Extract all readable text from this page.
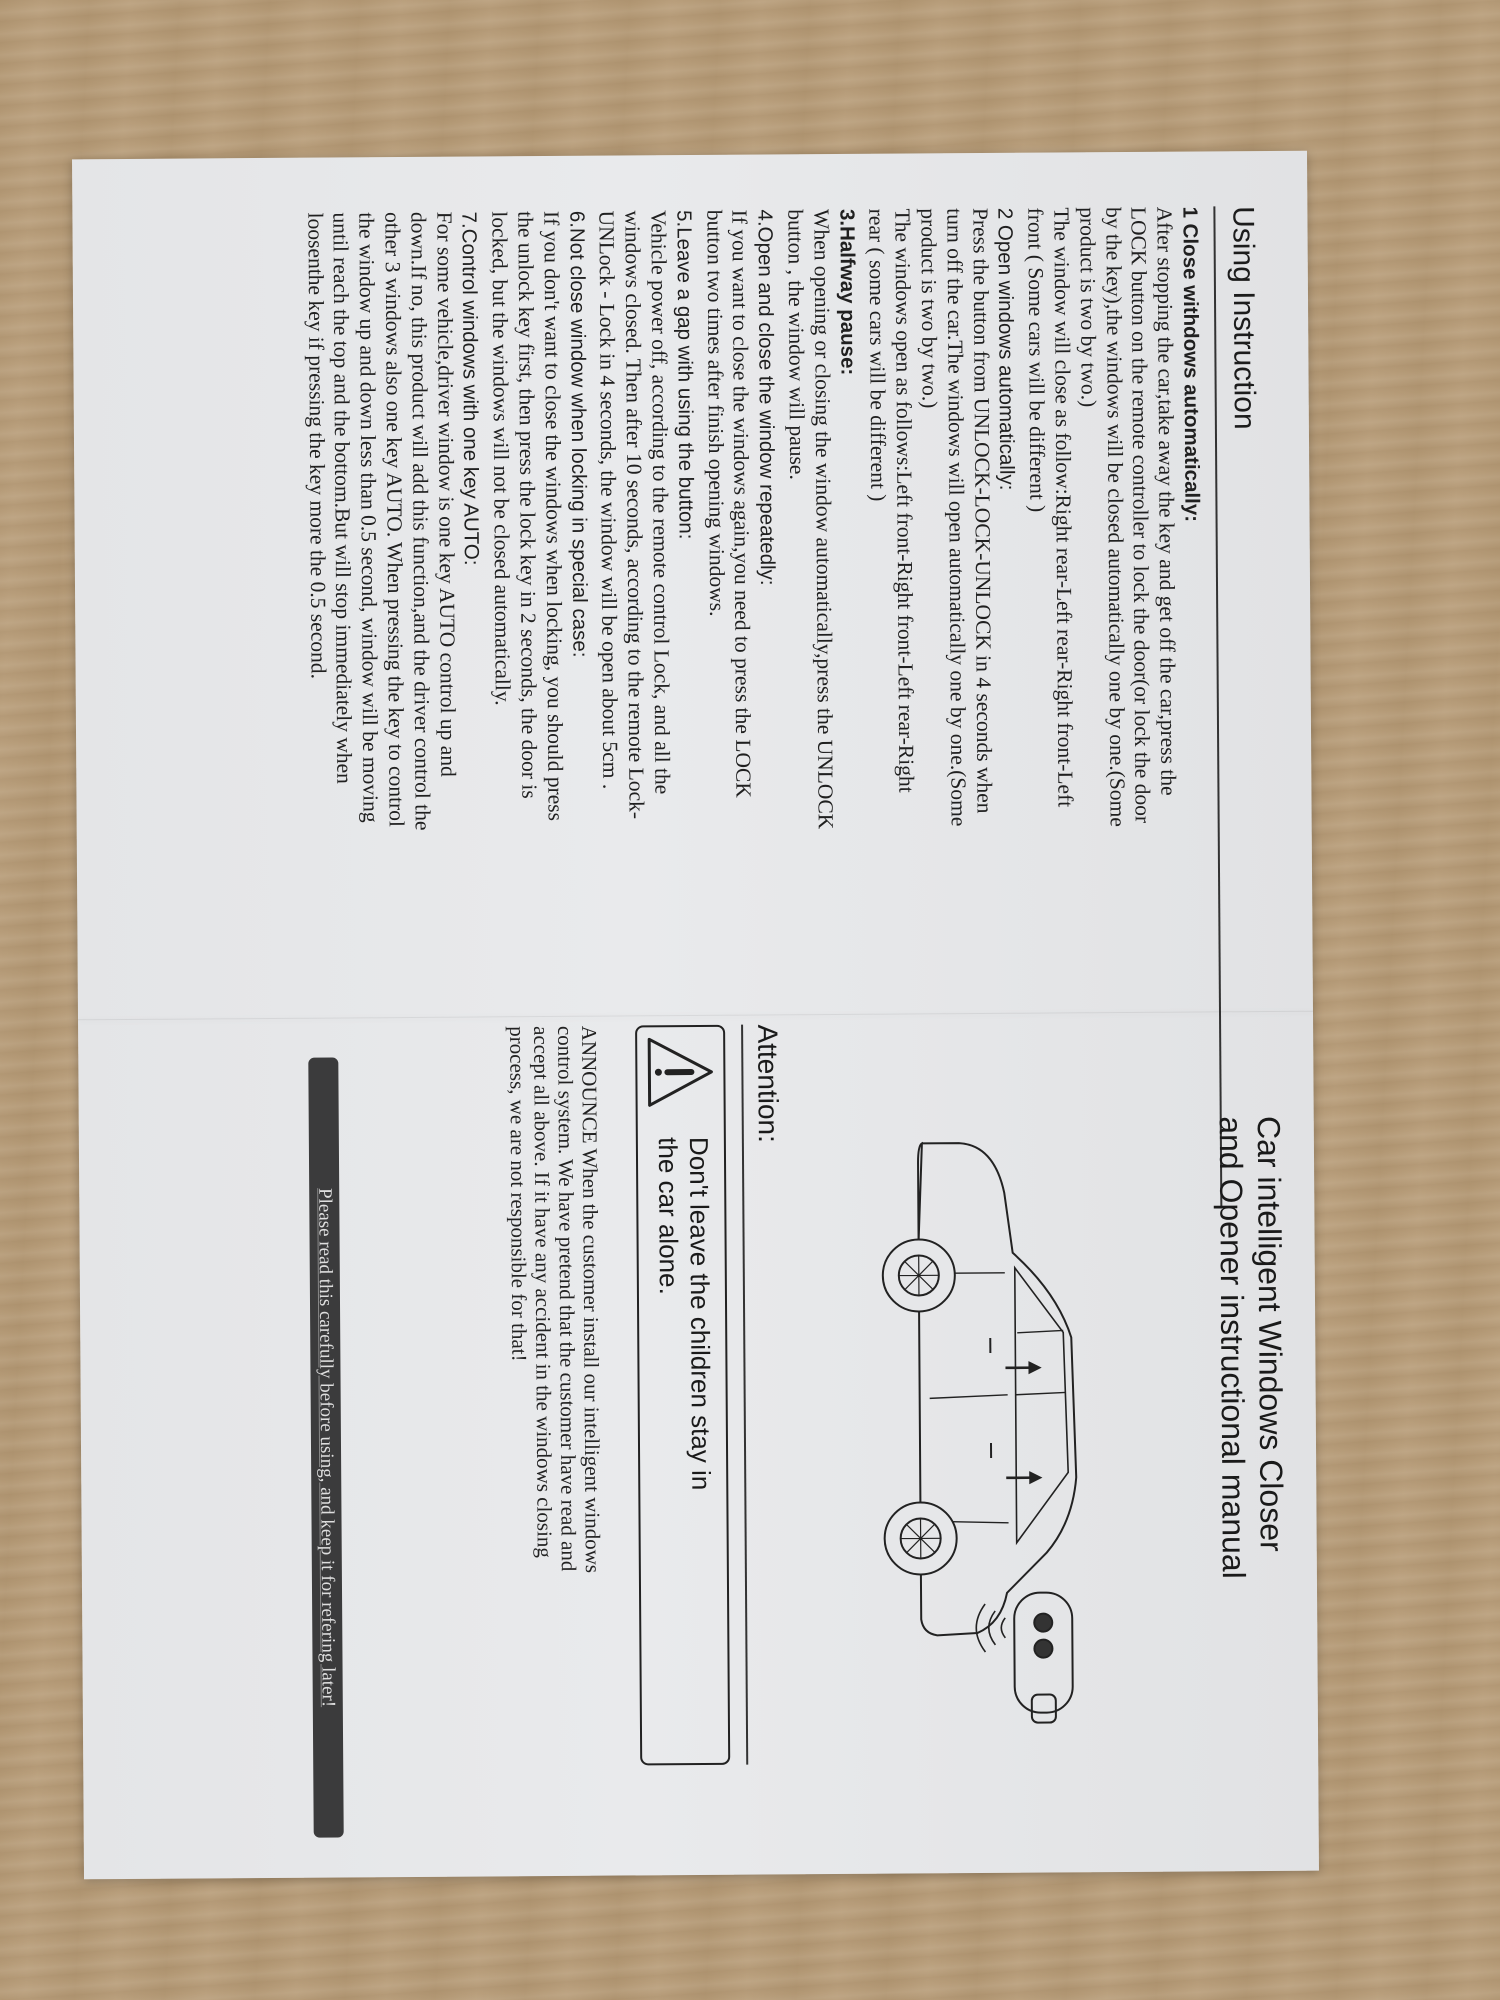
Using Instruction

1 Close withdows automatically:

After stopping the car,take away the key and get off the car,press the

LOCK button on the remote controller to lock the door(or lock the door

by the key),the windows will be closed automatically one by one.(Some

product is two by two.)

The window will close as follow:Right rear-Left rear-Right front-Left

front ( Some cars will be different )

2 Open windows automatically:

Press the button from UNLOCK-LOCK-UNLOCK in 4 seconds when

turn off the car.The windows will open automatically one by one.(Some

product is two by two.)

The windows open as follows:Left front-Right front-Left rear-Right

rear ( some cars will be different )

3.Halfway pause:

When opening or closing the window automatically,press the UNLOCK

button , the window will pause.

4.Open and close the window repeatedly:

If you want to close the windows again,you need to press the LOCK

button two times after finish opening windows.

5.Leave a gap with using the button:

Vehicle power off, according to the remote control Lock, and all the

windows closed. Then after 10 seconds, according to the remote Lock-

UNLock - Lock in 4 seconds, the window will be open about 5cm .

6.Not close window when locking in special case:

If you don't want to close the windows when locking, you should press

the unlock key first, then press the lock key in 2 seconds, the door is

locked, but the windows will not be closed automatically.

7.Control windows with one key AUTO:

For some vehicle,driver window is one key AUTO control up and

down.If no, this product will add this function,and the driver control the

other 3 windows also one key AUTO. When pressing the key to control

the window up and down less than 0.5 second, window will be moving

until reach the top and the bottom.But will stop immediately when

loosenthe key if pressing the key more the 0.5 second.

Car intelligent Windows Closer
and Opener instructional manual
Attention:
Don't leave the children stay in
the car alone.
ANNOUNCE When the customer install our intelligent windows
control system. We have pretend that the customer have read and
accept all above. If it have any accident in the windows closing
process, we are not responsible for that!
Please read this carefully before using, and keep it for refering later!
